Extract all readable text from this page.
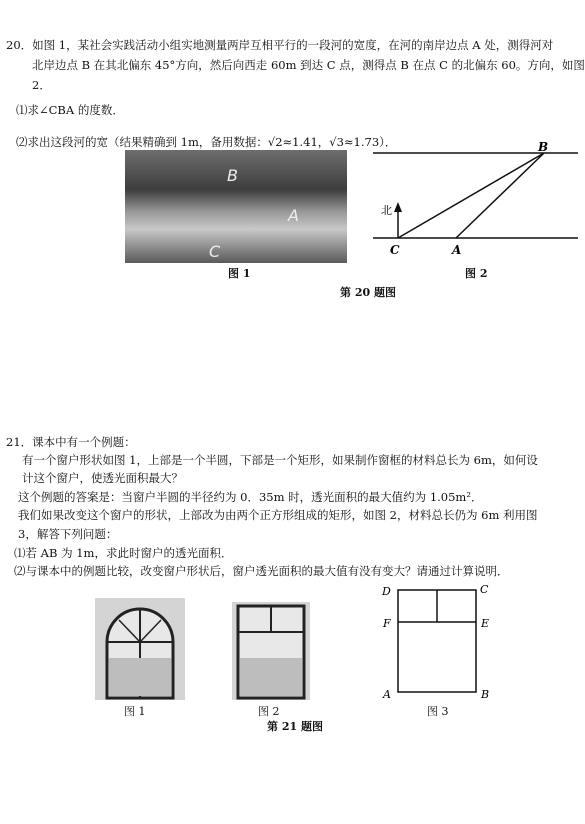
20．如图 1，某社会实践活动小组实地测量两岸互相平行的一段河的宽度，在河的南岸边点 A 处，测得河对
北岸边点 B 在其北偏东 45°方向，然后向西走 60m 到达 C 点，测得点 B 在点 C 的北偏东 60。方向，如图
2．
⑴求∠CBA 的度数．
⑵求出这段河的宽（结果精确到 1m，备用数据：√2≈1.41，√3≈1.73）．
B
A
C
图 1
B
C	A
北
图 2
第 20 题图
21．课本中有一个例题：
有一个窗户形状如图 1，上部是一个半圆，下部是一个矩形，如果制作窗框的材料总长为 6m，如何设
计这个窗户，使透光面积最大？
这个例题的答案是：当窗户半圆的半径约为 0．35m 时，透光面积的最大值约为 1.05m²．
我们如果改变这个窗户的形状，上部改为由两个正方形组成的矩形，如图 2，材料总长仍为 6m 利用图
3，解答下列问题：
⑴若 AB 为 1m，求此时窗户的透光面积．
⑵与课本中的例题比较，改变窗户形状后，窗户透光面积的最大值有没有变大？请通过计算说明．
图 1	图 2
D	C
F	E
A	B
图 3
第 21 题图
